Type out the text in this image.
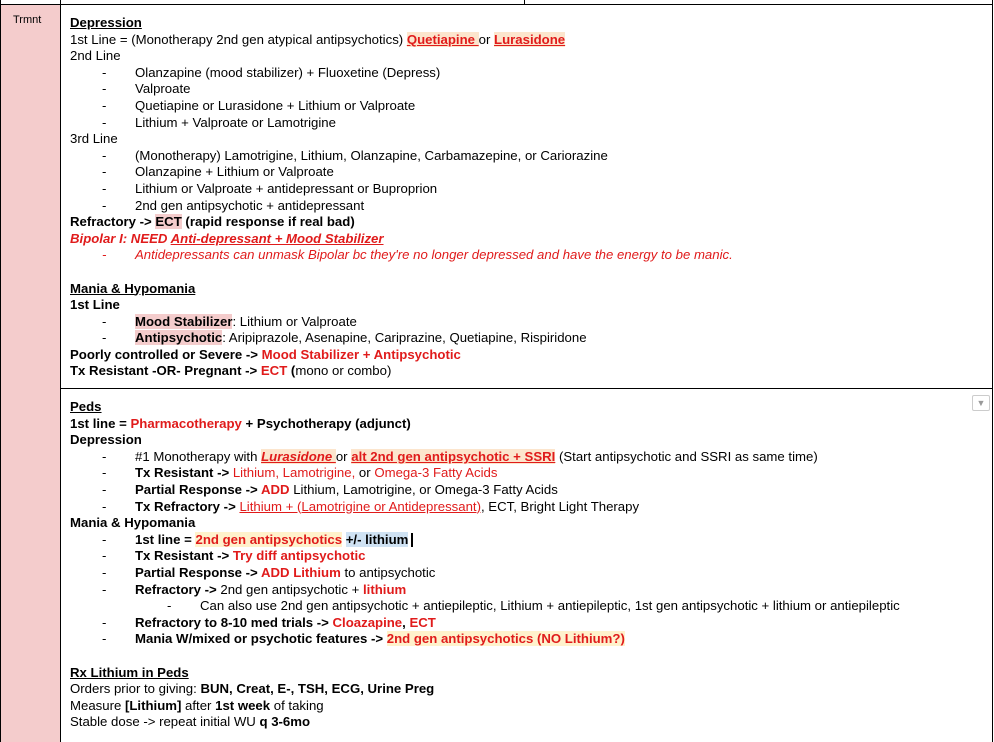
Trmnt Depression
1st Line = (Monotherapy 2nd gen atypical antipsychotics) Quetiapine or Lurasidone
2nd Line
- Olanzapine (mood stabilizer) + Fluoxetine (Depress)
- Valproate
- Quetiapine or Lurasidone + Lithium or Valproate
- Lithium + Valproate or Lamotrigine
3rd Line
- (Monotherapy) Lamotrigine, Lithium, Olanzapine, Carbamazepine, or Cariorazine
- Olanzapine + Lithium or Valproate
- Lithium or Valproate + antidepressant or Buproprion
- 2nd gen antipsychotic + antidepressant
Refractory -> ECT (rapid response if real bad)
Bipolar I: NEED Anti-depressant + Mood Stabilizer
- Antidepressants can unmask Bipolar bc they're no longer depressed and have the energy to be manic.
Mania & Hypomania
1st Line
- Mood Stabilizer: Lithium or Valproate
- Antipsychotic: Aripiprazole, Asenapine, Cariprazine, Quetiapine, Rispiridone
Poorly controlled or Severe -> Mood Stabilizer + Antipsychotic
Tx Resistant -OR- Pregnant -> ECT (mono or combo)
▼
Peds
1st line = Pharmacotherapy + Psychotherapy (adjunct)
Depression
- #1 Monotherapy with Lurasidone or alt 2nd gen antipsychotic + SSRI (Start antipsychotic and SSRI as same time)
- Tx Resistant -> Lithium, Lamotrigine, or Omega-3 Fatty Acids
- Partial Response -> ADD Lithium, Lamotrigine, or Omega-3 Fatty Acids
- Tx Refractory -> Lithium + (Lamotrigine or Antidepressant), ECT, Bright Light Therapy
Mania & Hypomania
- 1st line = 2nd gen antipsychotics +/- lithium
- Tx Resistant -> Try diff antipsychotic
- Partial Response -> ADD Lithium to antipsychotic
- Refractory -> 2nd gen antipsychotic + lithium
- Can also use 2nd gen antipsychotic + antiepileptic, Lithium + antiepileptic, 1st gen antipsychotic + lithium or antiepileptic
- Refractory to 8-10 med trials -> Cloazapine, ECT
- Mania W/mixed or psychotic features -> 2nd gen antipsychotics (NO Lithium?)
Rx Lithium in Peds
Orders prior to giving: BUN, Creat, E-, TSH, ECG, Urine Preg
Measure [Lithium] after 1st week of taking
Stable dose -> repeat initial WU q 3-6mo
